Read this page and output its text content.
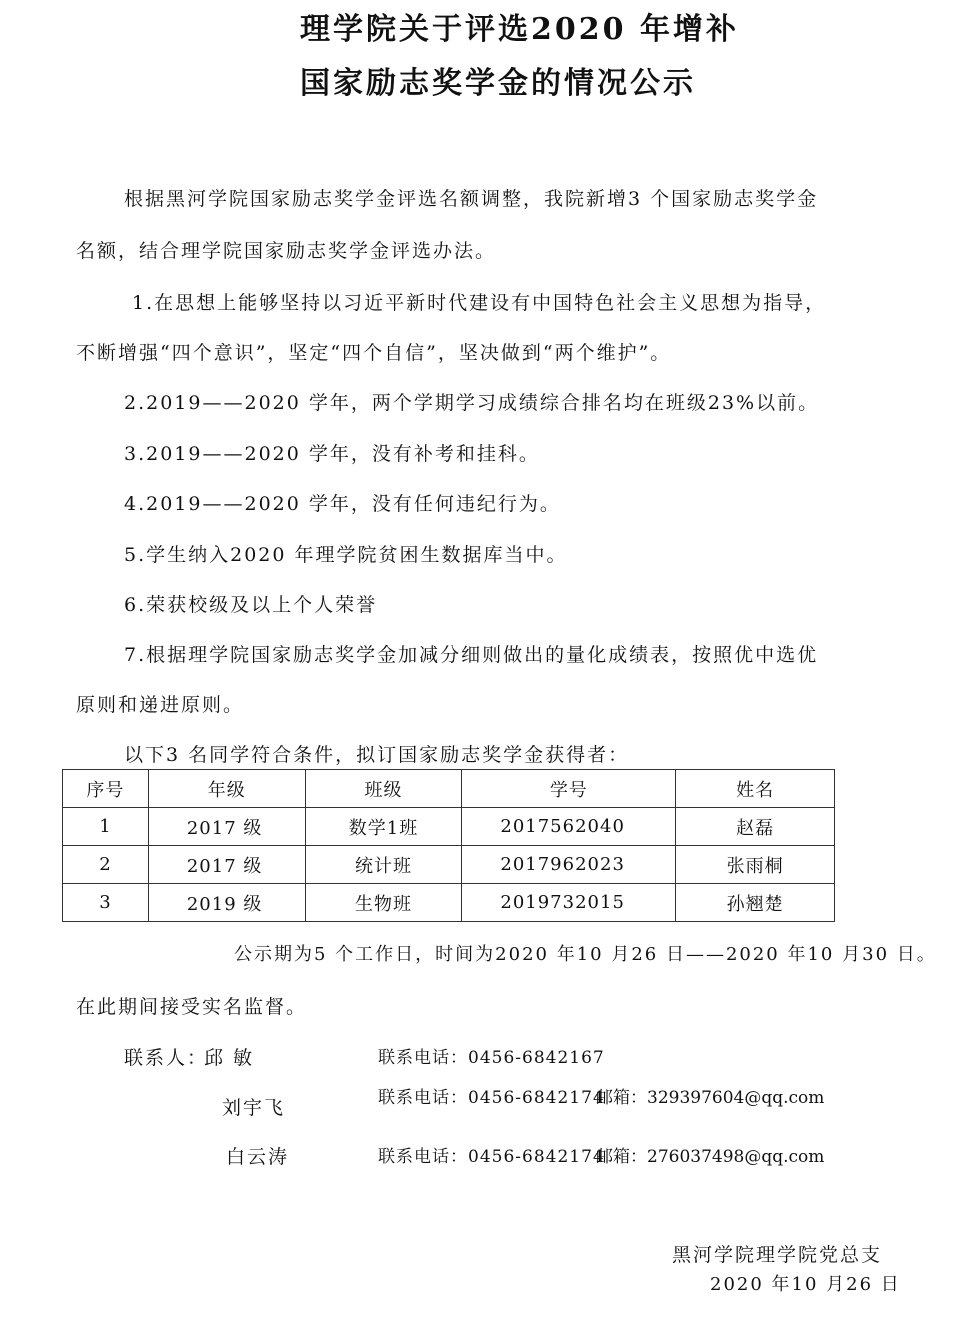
理学院关于评选2020 年增补
国家励志奖学金的情况公示
根据黑河学院国家励志奖学金评选名额调整，我院新增3 个国家励志奖学金
名额，结合理学院国家励志奖学金评选办法。
1.在思想上能够坚持以习近平新时代建设有中国特色社会主义思想为指导，
不断增强“四个意识”，坚定“四个自信”，坚决做到“两个维护”。
2.2019——2020 学年，两个学期学习成绩综合排名均在班级23%以前。
3.2019——2020 学年，没有补考和挂科。
4.2019——2020 学年，没有任何违纪行为。
5.学生纳入2020 年理学院贫困生数据库当中。
6.荣获校级及以上个人荣誉
7.根据理学院国家励志奖学金加减分细则做出的量化成绩表，按照优中选优
原则和递进原则。
以下3 名同学符合条件，拟订国家励志奖学金获得者：
序号	年级	班级	学号	姓名
1	2017 级	数学1班	2017562040	赵磊
2	2017 级	统计班	2017962023	张雨桐
3	2019 级	生物班	2019732015	孙翘楚
公示期为5 个工作日，时间为2020 年10 月26 日——2020 年10 月30 日。
在此期间接受实名监督。
联系人：
邱 敏	联系电话：0456-6842167
刘宇飞	联系电话：0456-6842174
邮箱：329397604@qq.com
白云涛	联系电话：0456-6842174
邮箱：276037498@qq.com
黑河学院理学院党总支
2020 年10 月26 日
